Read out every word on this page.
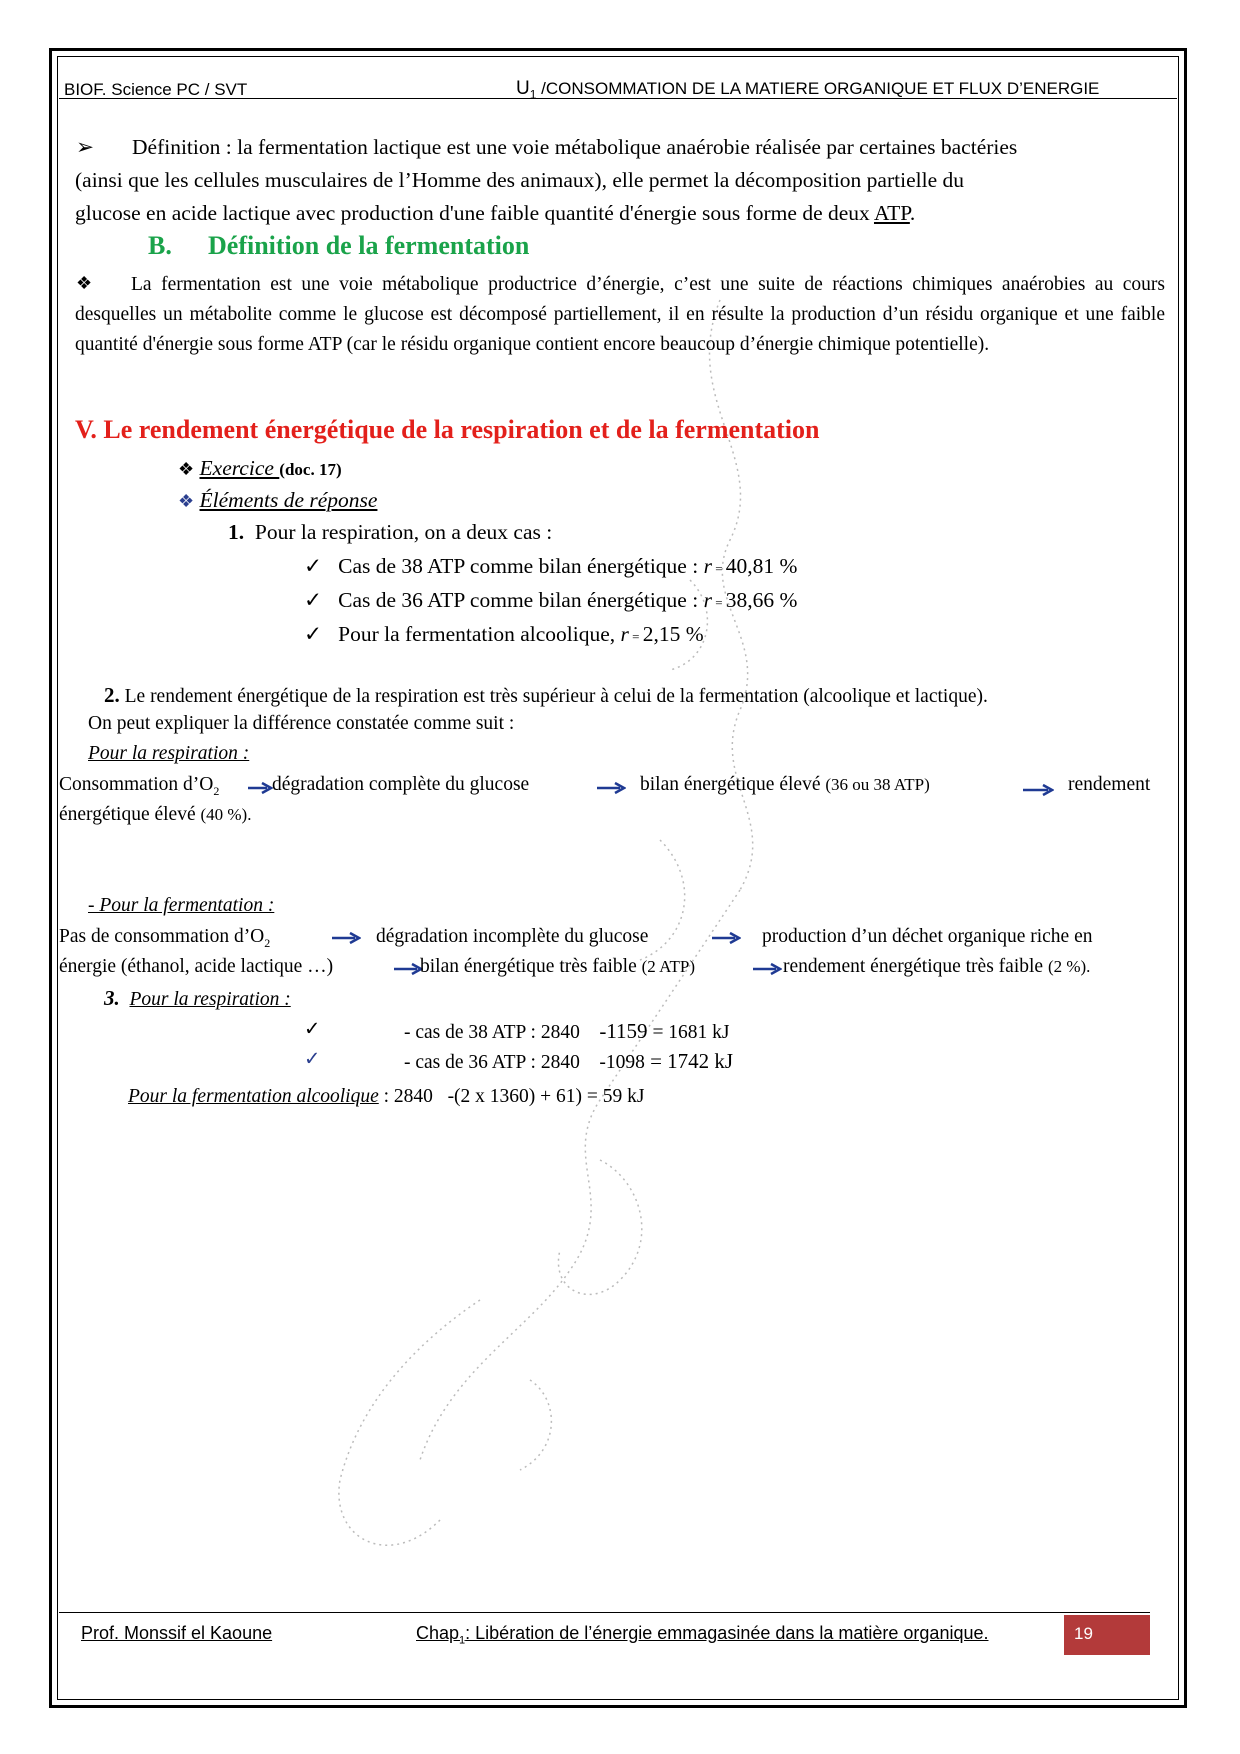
BIOF. Science PC / SVT	$U_1$ /CONSOMMATION DE LA MATIERE ORGANIQUE ET FLUX D’ENERGIE
➢ Définition : la fermentation lactique est une voie métabolique anaérobie réalisée par certaines bactéries
(ainsi que les cellules musculaires de l’Homme des animaux), elle permet la décomposition partielle du
glucose en acide lactique avec production d'une faible quantité d'énergie sous forme de deux ATP.
B. Définition de la fermentation
❖	La fermentation est une voie métabolique productrice d’énergie, c’est une suite de réactions chimiques anaérobies au cours desquelles un métabolite comme le glucose est décomposé partiellement, il en résulte la production d’un résidu organique et une faible quantité d'énergie sous forme ATP (car le résidu organique contient encore beaucoup d’énergie chimique potentielle).
V. Le rendement énergétique de la respiration et de la fermentation
❖ Exercice (doc. 17)
❖ Éléments de réponse
1. Pour la respiration, on a deux cas :
✓ Cas de 38 ATP comme bilan énergétique : r = 40,81 %
✓ Cas de 36 ATP comme bilan énergétique : r = 38,66 %
✓ Pour la fermentation alcoolique, r = 2,15 %
2. Le rendement énergétique de la respiration est très supérieur à celui de la fermentation (alcoolique et lactique).
On peut expliquer la différence constatée comme suit :
Pour la respiration :
Consommation $d’O_2$	dégradation complète du glucose	bilan énergétique élevé (36 ou 38 ATP)	rendement
énergétique élevé (40 %).
- Pour la fermentation :
Pas de consommation $d’O_2$	dégradation incomplète du glucose	production d’un déchet organique riche en
énergie (éthanol, acide lactique …)	bilan énergétique très faible (2 ATP)	rendement énergétique très faible (2 %).
3. Pour la respiration :
✓	- cas de 38 ATP : 2840    -1159 = 1681 kJ
✓	- cas de 36 ATP : 2840    -1098 = 1742 kJ
Pour la fermentation alcoolique : 2840   -(2 x 1360) + 61) = 59 kJ
Prof. Monssif el Kaoune	Chap$_1$: Libération de l’énergie emmagasinée dans la matière organique.	19
